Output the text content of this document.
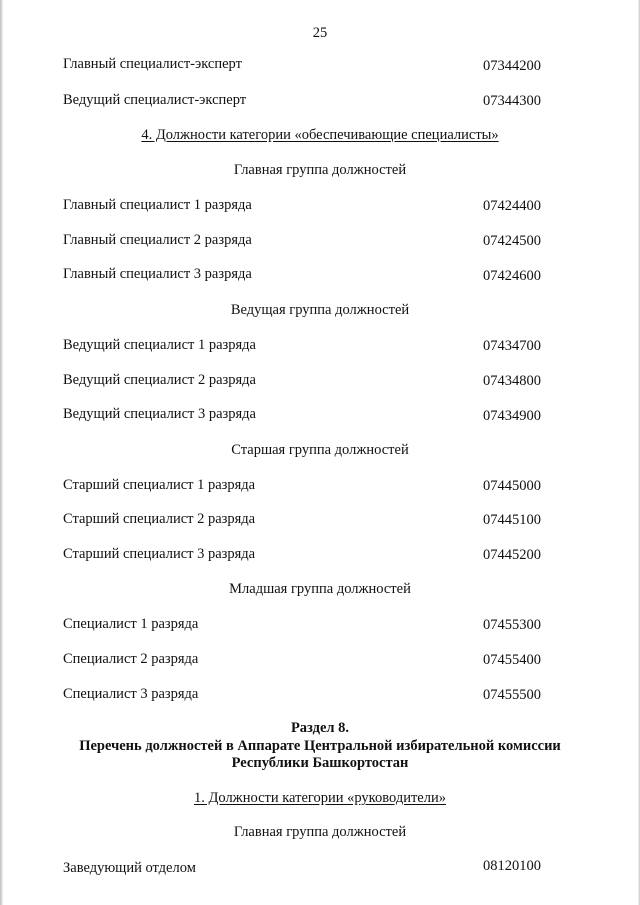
25
Главный специалист-эксперт	07344200
Ведущий специалист-эксперт	07344300
4. Должности категории «обеспечивающие специалисты»
Главная группа должностей
Главный специалист 1 разряда	07424400
Главный специалист 2 разряда	07424500
Главный специалист 3 разряда	07424600
Ведущая группа должностей
Ведущий специалист 1 разряда	07434700
Ведущий специалист 2 разряда	07434800
Ведущий специалист 3 разряда	07434900
Старшая группа должностей
Старший специалист 1 разряда	07445000
Старший специалист 2 разряда	07445100
Старший специалист 3 разряда	07445200
Младшая группа должностей
Специалист 1 разряда	07455300
Специалист 2 разряда	07455400
Специалист 3 разряда	07455500
Раздел 8.
Перечень должностей в Аппарате Центральной избирательной комиссии
Республики Башкортостан
1. Должности категории «руководители»
Главная группа должностей
Заведующий отделом	08120100
